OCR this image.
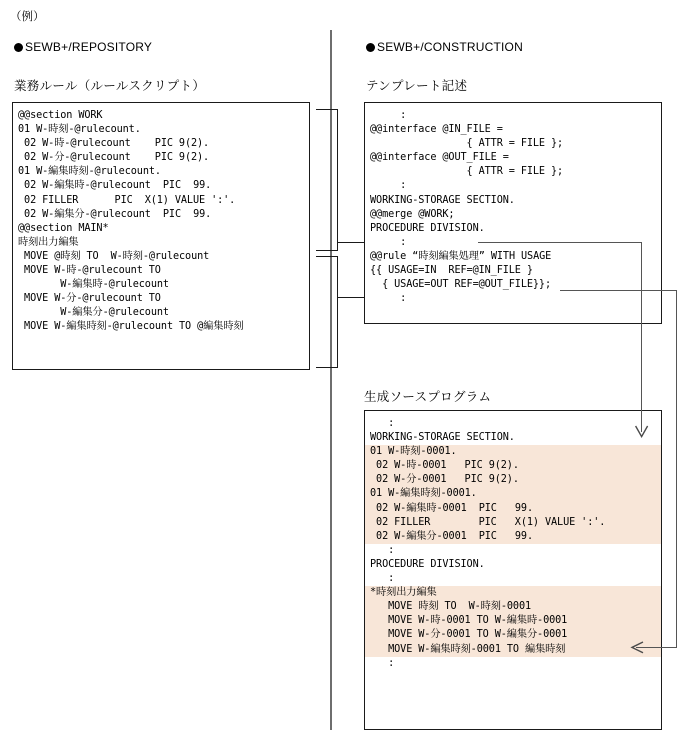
（例）
SEWB+/REPOSITORY
業務ルール（ルールスクリプト）
@@section WORK
01 W-時刻-@rulecount.
02 W-時-@rulecount    PIC 9(2).
02 W-分-@rulecount    PIC 9(2).
01 W-編集時刻-@rulecount.
02 W-編集時-@rulecount  PIC  99.
02 FILLER      PIC  X(1) VALUE ':'.
02 W-編集分-@rulecount  PIC  99.
@@section MAIN*
時刻出力編集
MOVE @時刻 TO  W-時刻-@rulecount
MOVE W-時-@rulecount TO
W-編集時-@rulecount
MOVE W-分-@rulecount TO
W-編集分-@rulecount
MOVE W-編集時刻-@rulecount TO @編集時刻
SEWB+/CONSTRUCTION
テンプレート記述
:
@@interface @IN_FILE =
{ ATTR = FILE };
@@interface @OUT_FILE =
{ ATTR = FILE };
:
WORKING-STORAGE SECTION.
@@merge @WORK;
PROCEDURE DIVISION.
:
@@rule “時刻編集処理” WITH USAGE
{{ USAGE=IN  REF=@IN_FILE }
{ USAGE=OUT REF=@OUT_FILE}};
:
生成ソースプログラム
:
WORKING-STORAGE SECTION.
01 W-時刻-0001.
02 W-時-0001   PIC 9(2).
02 W-分-0001   PIC 9(2).
01 W-編集時刻-0001.
02 W-編集時-0001  PIC   99.
02 FILLER        PIC   X(1) VALUE ':'.
02 W-編集分-0001  PIC   99.
:
PROCEDURE DIVISION.
:
*時刻出力編集
MOVE 時刻 TO  W-時刻-0001
MOVE W-時-0001 TO W-編集時-0001
MOVE W-分-0001 TO W-編集分-0001
MOVE W-編集時刻-0001 TO 編集時刻
:
